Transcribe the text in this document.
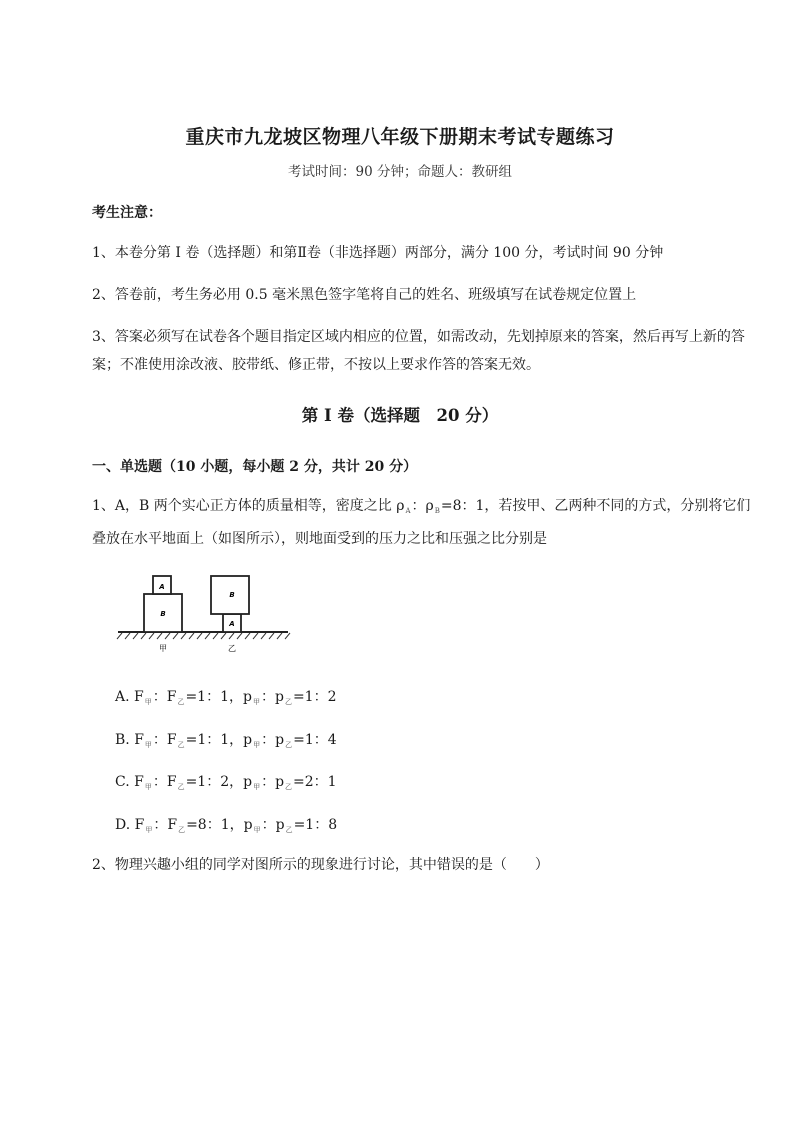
重庆市九龙坡区物理八年级下册期末考试专题练习
考试时间：90 分钟；命题人：教研组
考生注意：
1、本卷分第 I 卷（选择题）和第Ⅱ卷（非选择题）两部分，满分 100 分，考试时间 90 分钟
2、答卷前，考生务必用 0.5 毫米黑色签字笔将自己的姓名、班级填写在试卷规定位置上
3、答案必须写在试卷各个题目指定区域内相应的位置，如需改动，先划掉原来的答案，然后再写上新的答案；不准使用涂改液、胶带纸、修正带，不按以上要求作答的答案无效。
第 I 卷（选择题　20 分）
一、单选题（10 小题，每小题 2 分，共计 20 分）
1、A，B 两个实心正方体的质量相等，密度之比 $\rho_A$：$\rho_B=8$：1，若按甲、乙两种不同的方式，分别将它们叠放在水平地面上（如图所示），则地面受到的压力之比和压强之比分别是
B
A
A
B
甲	乙
A. $F_甲$：$F_乙=1$：1，$p_甲$：$p_乙=1$：2
B. $F_甲$：$F_乙=1$：1，$p_甲$：$p_乙=1$：4
C. $F_甲$：$F_乙=1$：2，$p_甲$：$p_乙=2$：1
D. $F_甲$：$F_乙=8$：1，$p_甲$：$p_乙=1$：8
2、物理兴趣小组的同学对图所示的现象进行讨论，其中错误的是（　　）
